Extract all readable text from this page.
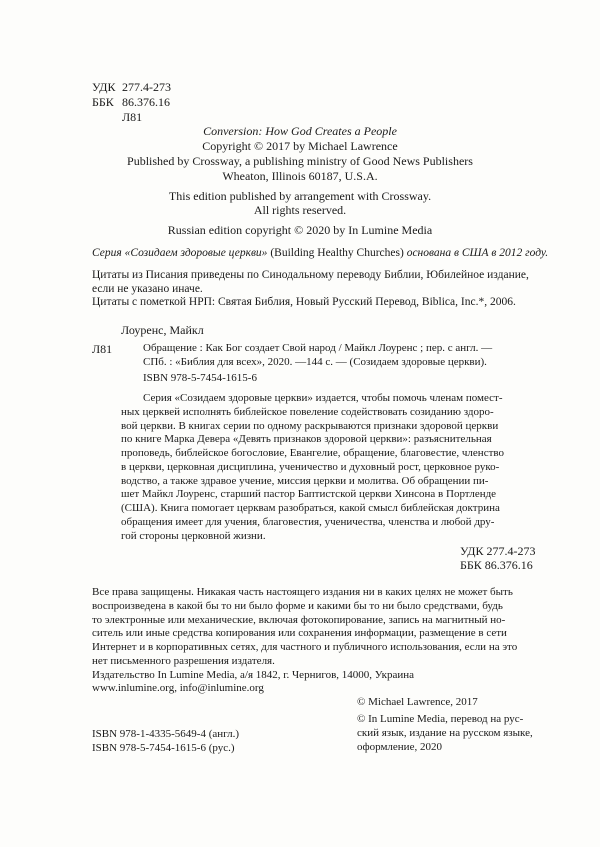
УДК 277.4-273
ББК 86.376.16
Л81
Conversion: How God Creates a People
Copyright © 2017 by Michael Lawrence
Published by Crossway, a publishing ministry of Good News Publishers
Wheaton, Illinois 60187, U.S.A.
This edition published by arrangement with Crossway.
All rights reserved.
Russian edition copyright © 2020 by In Lumine Media
Серия «Созидаем здоровые церкви» (Building Healthy Churches) основана в США в 2012 году.
Цитаты из Писания приведены по Синодальному переводу Библии, Юбилейное издание,
если не указано иначе.
Цитаты с пометкой НРП: Святая Библия, Новый Русский Перевод, Biblica, Inc.*, 2006.
Лоуренс, Майкл
Л81	Обращение : Как Бог создает Свой народ / Майкл Лоуренс ; пер. с англ. —
СПб. : «Библия для всех», 2020. —144 с. — (Созидаем здоровые церкви).
ISBN 978-5-7454-1615-6
Серия «Созидаем здоровые церкви» издается, чтобы помочь членам помест-
ных церквей исполнять библейское повеление содействовать созиданию здоро-
вой церкви. В книгах серии по одному раскрываются признаки здоровой церкви
по книге Марка Девера «Девять признаков здоровой церкви»: разъяснительная
проповедь, библейское богословие, Евангелие, обращение, благовестие, членство
в церкви, церковная дисциплина, ученичество и духовный рост, церковное руко-
водство, а также здравое учение, миссия церкви и молитва. Об обращении пи-
шет Майкл Лоуренс, старший пастор Баптистской церкви Хинсона в Портленде
(США). Книга помогает церквам разобраться, какой смысл библейская доктрина
обращения имеет для учения, благовестия, ученичества, членства и любой дру-
гой стороны церковной жизни.
УДК 277.4-273
ББК 86.376.16
Все права защищены. Никакая часть настоящего издания ни в каких целях не может быть
воспроизведена в какой бы то ни было форме и какими бы то ни было средствами, будь
то электронные или механические, включая фотокопирование, запись на магнитный но-
ситель или иные средства копирования или сохранения информации, размещение в сети
Интернет и в корпоративных сетях, для частного и публичного использования, если на это
нет письменного разрешения издателя.
Издательство In Lumine Media, а/я 1842, г. Чернигов, 14000, Украина
www.inlumine.org, info@inlumine.org
© Michael Lawrence, 2017
© In Lumine Media, перевод на рус-
ский язык, издание на русском языке,
оформление, 2020
ISBN 978-1-4335-5649-4 (англ.)
ISBN 978-5-7454-1615-6 (рус.)
